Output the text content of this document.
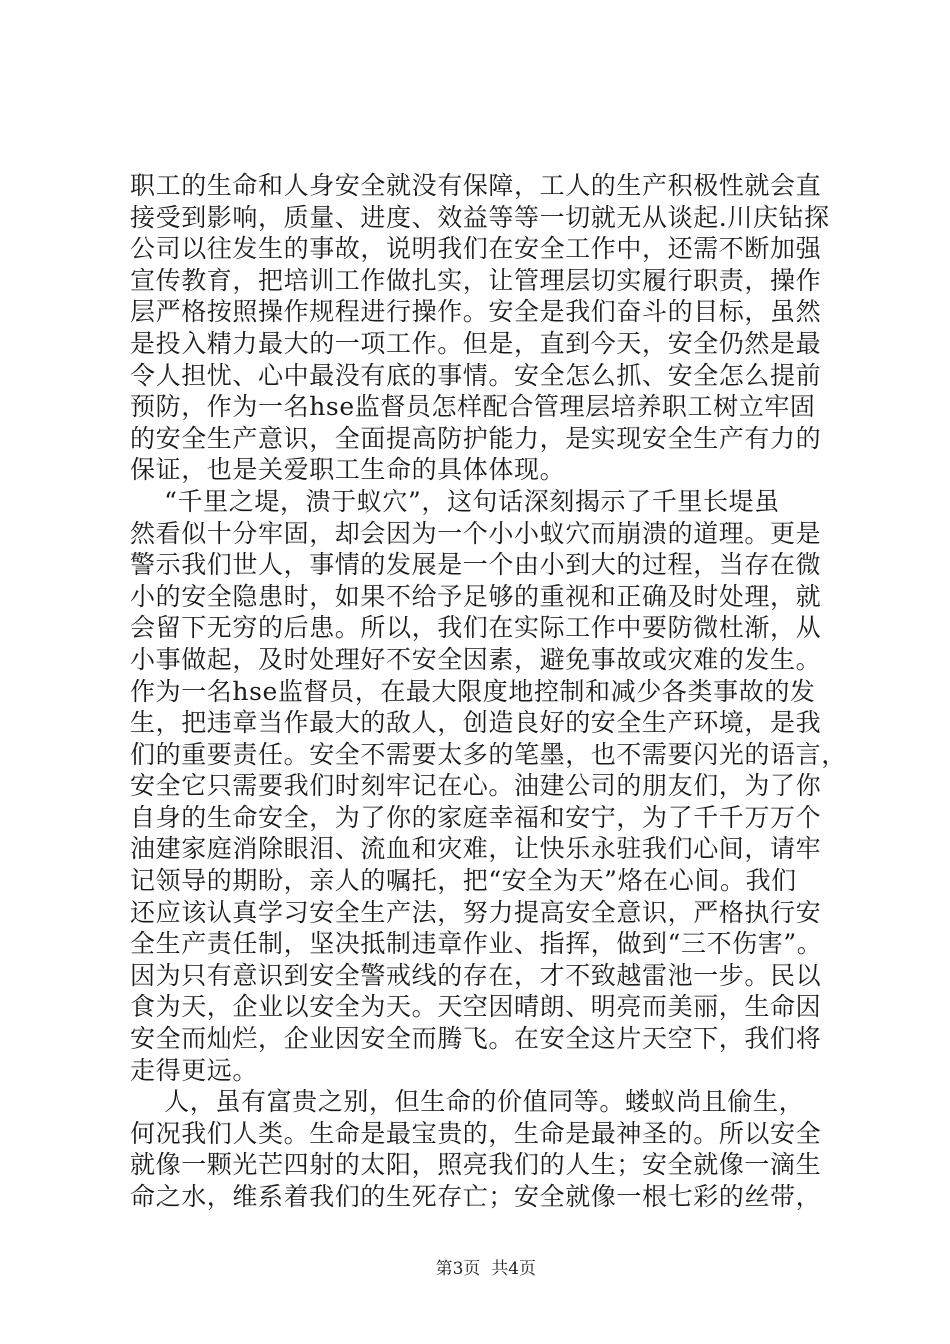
职工的生命和人身安全就没有保障，工人的生产积极性就会直
接受到影响，质量、进度、效益等等一切就无从谈起.川庆钻探
公司以往发生的事故，说明我们在安全工作中，还需不断加强
宣传教育，把培训工作做扎实，让管理层切实履行职责，操作
层严格按照操作规程进行操作。安全是我们奋斗的目标，虽然
是投入精力最大的一项工作。但是，直到今天，安全仍然是最
令人担忧、心中最没有底的事情。安全怎么抓、安全怎么提前
预防，作为一名hse监督员怎样配合管理层培养职工树立牢固
的安全生产意识，全面提高防护能力，是实现安全生产有力的
保证，也是关爱职工生命的具体体现。
“千里之堤，溃于蚁穴”，这句话深刻揭示了千里长堤虽
然看似十分牢固，却会因为一个小小蚁穴而崩溃的道理。更是
警示我们世人，事情的发展是一个由小到大的过程，当存在微
小的安全隐患时，如果不给予足够的重视和正确及时处理，就
会留下无穷的后患。所以，我们在实际工作中要防微杜渐，从
小事做起，及时处理好不安全因素，避免事故或灾难的发生。
作为一名hse监督员，在最大限度地控制和减少各类事故的发
生，把违章当作最大的敌人，创造良好的安全生产环境，是我
们的重要责任。安全不需要太多的笔墨，也不需要闪光的语言，
安全它只需要我们时刻牢记在心。油建公司的朋友们，为了你
自身的生命安全，为了你的家庭幸福和安宁，为了千千万万个
油建家庭消除眼泪、流血和灾难，让快乐永驻我们心间，请牢
记领导的期盼，亲人的嘱托，把“安全为天”烙在心间。我们
还应该认真学习安全生产法，努力提高安全意识，严格执行安
全生产责任制，坚决抵制违章作业、指挥，做到“三不伤害”。
因为只有意识到安全警戒线的存在，才不致越雷池一步。民以
食为天，企业以安全为天。天空因晴朗、明亮而美丽，生命因
安全而灿烂，企业因安全而腾飞。在安全这片天空下，我们将
走得更远。
人，虽有富贵之别，但生命的价值同等。蝼蚁尚且偷生，
何况我们人类。生命是最宝贵的，生命是最神圣的。所以安全
就像一颗光芒四射的太阳，照亮我们的人生；安全就像一滴生
命之水，维系着我们的生死存亡；安全就像一根七彩的丝带，

第3页  共4页
